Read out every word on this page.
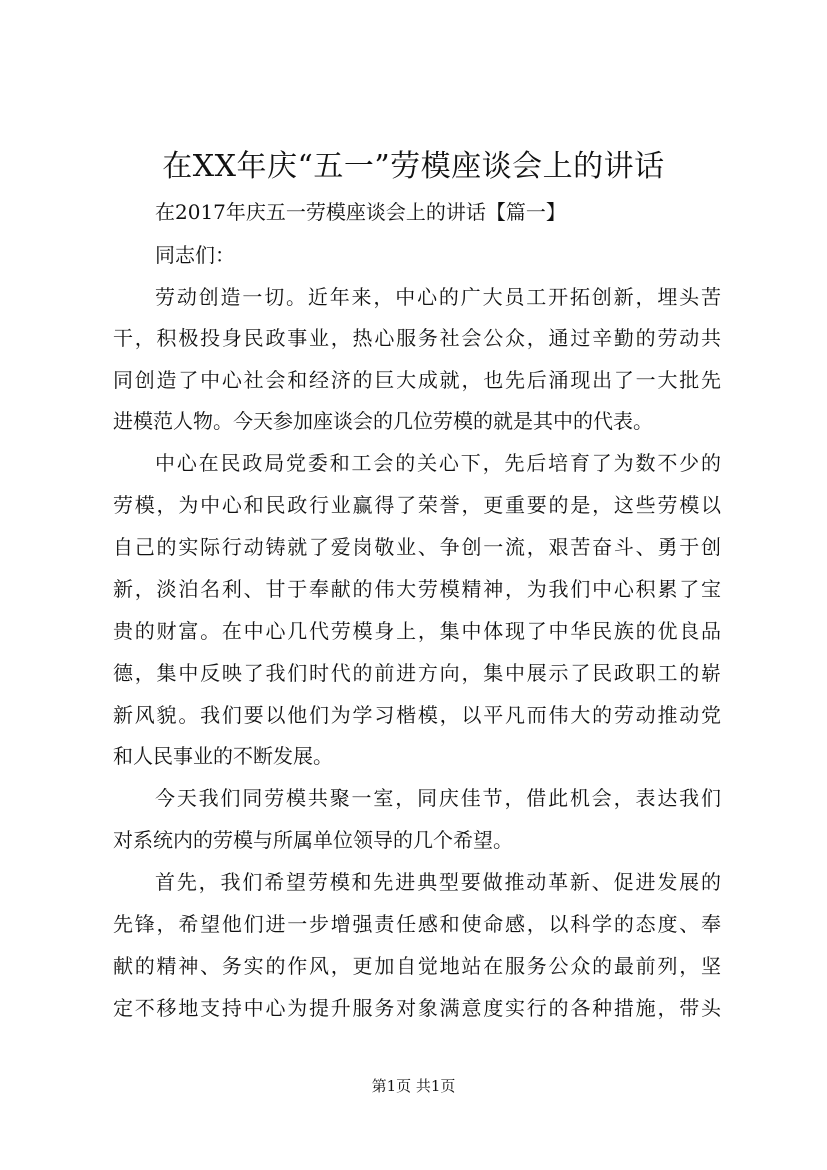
在XX年庆“五一”劳模座谈会上的讲话

在2017年庆五一劳模座谈会上的讲话【篇一】

同志们：

劳动创造一切。近年来，中心的广大员工开拓创新，埋头苦

干，积极投身民政事业，热心服务社会公众，通过辛勤的劳动共

同创造了中心社会和经济的巨大成就，也先后涌现出了一大批先

进模范人物。今天参加座谈会的几位劳模的就是其中的代表。

中心在民政局党委和工会的关心下，先后培育了为数不少的

劳模，为中心和民政行业赢得了荣誉，更重要的是，这些劳模以

自己的实际行动铸就了爱岗敬业、争创一流，艰苦奋斗、勇于创

新，淡泊名利、甘于奉献的伟大劳模精神，为我们中心积累了宝

贵的财富。在中心几代劳模身上，集中体现了中华民族的优良品

德，集中反映了我们时代的前进方向，集中展示了民政职工的崭

新风貌。我们要以他们为学习楷模，以平凡而伟大的劳动推动党

和人民事业的不断发展。

今天我们同劳模共聚一室，同庆佳节，借此机会，表达我们

对系统内的劳模与所属单位领导的几个希望。

首先，我们希望劳模和先进典型要做推动革新、促进发展的

先锋，希望他们进一步增强责任感和使命感，以科学的态度、奉

献的精神、务实的作风，更加自觉地站在服务公众的最前列，坚

定不移地支持中心为提升服务对象满意度实行的各种措施，带头

第1页 共1页
